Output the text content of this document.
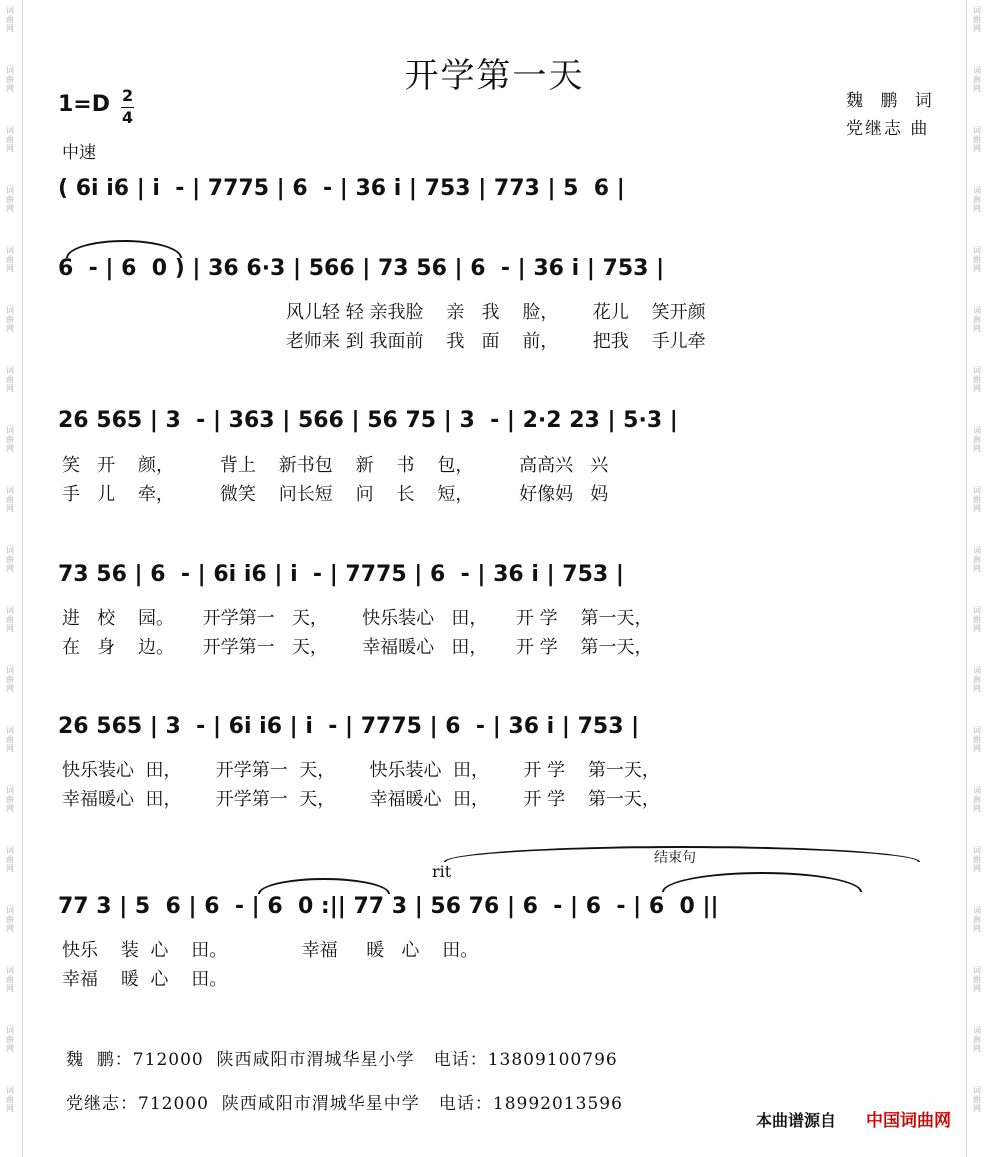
词
曲
网
词
曲
网
词
曲
网
词
曲
网
词
曲
网
词
曲
网
词
曲
网
词
曲
网
词
曲
网
词
曲
网
词
曲
网
词
曲
网
词
曲
网
词
曲
网
词
曲
网
词
曲
网
词
曲
网
词
曲
网
词
曲
网
词
曲
网
词
曲
网
词
曲
网
词
曲
网
词
曲
网
词
曲
网
词
曲
网
词
曲
网
词
曲
网
词
曲
网
词
曲
网
词
曲
网
词
曲
网
词
曲
网
词
曲
网
词
曲
网
词
曲
网
词
曲
网
词
曲
网
开学第一天
魏 鹏 词
党继志 曲
1=D 2
4
中速
( 6i i6 | i  - | 7775 | 6  - | 36 i | 753 | 773 | 5  6 |
6  - | 6  0 ) | 36 6·3 | 566 | 73 56 | 6  - | 36 i | 753 |
风儿轻 轻 亲我脸    亲   我    脸，      花儿    笑开颜
老师来 到 我面前    我   面    前，      把我    手儿牵
26 565 | 3  - | 363 | 566 | 56 75 | 3  - | 2·2 23 | 5·3 |
笑   开    颜，        背上    新书包    新    书    包，        高高兴   兴
手   儿    牵，        微笑    问长短    问    长    短，        好像妈   妈
73 56 | 6  - | 6i i6 | i  - | 7775 | 6  - | 36 i | 753 |
进   校    园。     开学第一   天，      快乐装心   田，     开 学    第一天，
在   身    边。     开学第一   天，      幸福暖心   田，     开 学    第一天，
26 565 | 3  - | 6i i6 | i  - | 7775 | 6  - | 36 i | 753 |
快乐装心  田，      开学第一  天，      快乐装心  田，      开 学    第一天，
幸福暖心  田，      开学第一  天，      幸福暖心  田，      开 学    第一天，
rit
结束句
77 3 | 5  6 | 6  - | 6  0 :|| 77 3 | 56 76 | 6  - | 6  - | 6  0 ||
快乐    装  心    田。             幸福     暖   心    田。
幸福    暖  心    田。
魏  鹏：712000  陕西咸阳市渭城华星小学   电话：13809100796
党继志：712000  陕西咸阳市渭城华星中学   电话：18992013596
本曲谱源自 中国词曲网
